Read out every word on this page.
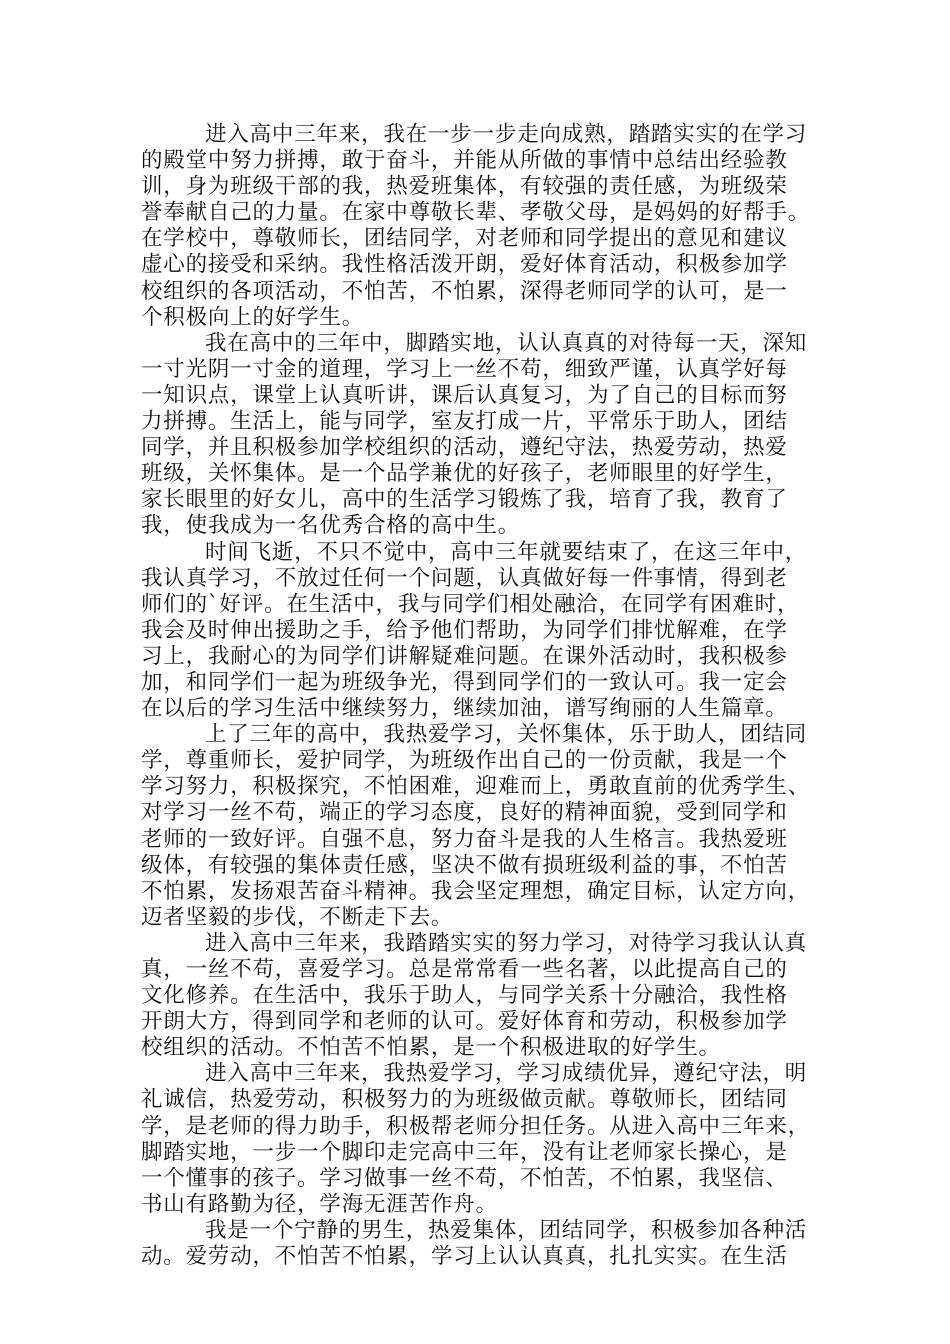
进入高中三年来，我在一步一步走向成熟，踏踏实实的在学习
的殿堂中努力拼搏，敢于奋斗，并能从所做的事情中总结出经验教
训，身为班级干部的我，热爱班集体，有较强的责任感，为班级荣
誉奉献自己的力量。在家中尊敬长辈、孝敬父母，是妈妈的好帮手。
在学校中，尊敬师长，团结同学，对老师和同学提出的意见和建议
虚心的接受和采纳。我性格活泼开朗，爱好体育活动，积极参加学
校组织的各项活动，不怕苦，不怕累，深得老师同学的认可，是一
个积极向上的好学生。
我在高中的三年中，脚踏实地，认认真真的对待每一天，深知
一寸光阴一寸金的道理，学习上一丝不苟，细致严谨，认真学好每
一知识点，课堂上认真听讲，课后认真复习，为了自己的目标而努
力拼搏。生活上，能与同学，室友打成一片，平常乐于助人，团结
同学，并且积极参加学校组织的活动，遵纪守法，热爱劳动，热爱
班级，关怀集体。是一个品学兼优的好孩子，老师眼里的好学生，
家长眼里的好女儿，高中的生活学习锻炼了我，培育了我，教育了
我，使我成为一名优秀合格的高中生。
时间飞逝，不只不觉中，高中三年就要结束了，在这三年中，
我认真学习，不放过任何一个问题，认真做好每一件事情，得到老
师们的`好评。在生活中，我与同学们相处融洽，在同学有困难时，
我会及时伸出援助之手，给予他们帮助，为同学们排忧解难，在学
习上，我耐心的为同学们讲解疑难问题。在课外活动时，我积极参
加，和同学们一起为班级争光，得到同学们的一致认可。我一定会
在以后的学习生活中继续努力，继续加油，谱写绚丽的人生篇章。
上了三年的高中，我热爱学习，关怀集体，乐于助人，团结同
学，尊重师长，爱护同学，为班级作出自己的一份贡献，我是一个
学习努力，积极探究，不怕困难，迎难而上，勇敢直前的优秀学生、
对学习一丝不苟，端正的学习态度，良好的精神面貌，受到同学和
老师的一致好评。自强不息，努力奋斗是我的人生格言。我热爱班
级体，有较强的集体责任感，坚决不做有损班级利益的事，不怕苦
不怕累，发扬艰苦奋斗精神。我会坚定理想，确定目标，认定方向，
迈者坚毅的步伐，不断走下去。
进入高中三年来，我踏踏实实的努力学习，对待学习我认认真
真，一丝不苟，喜爱学习。总是常常看一些名著，以此提高自己的
文化修养。在生活中，我乐于助人，与同学关系十分融洽，我性格
开朗大方，得到同学和老师的认可。爱好体育和劳动，积极参加学
校组织的活动。不怕苦不怕累，是一个积极进取的好学生。
进入高中三年来，我热爱学习，学习成绩优异，遵纪守法，明
礼诚信，热爱劳动，积极努力的为班级做贡献。尊敬师长，团结同
学，是老师的得力助手，积极帮老师分担任务。从进入高中三年来，
脚踏实地，一步一个脚印走完高中三年，没有让老师家长操心，是
一个懂事的孩子。学习做事一丝不苟，不怕苦，不怕累，我坚信、
书山有路勤为径，学海无涯苦作舟。
我是一个宁静的男生，热爱集体，团结同学，积极参加各种活
动。爱劳动，不怕苦不怕累，学习上认认真真，扎扎实实。在生活
